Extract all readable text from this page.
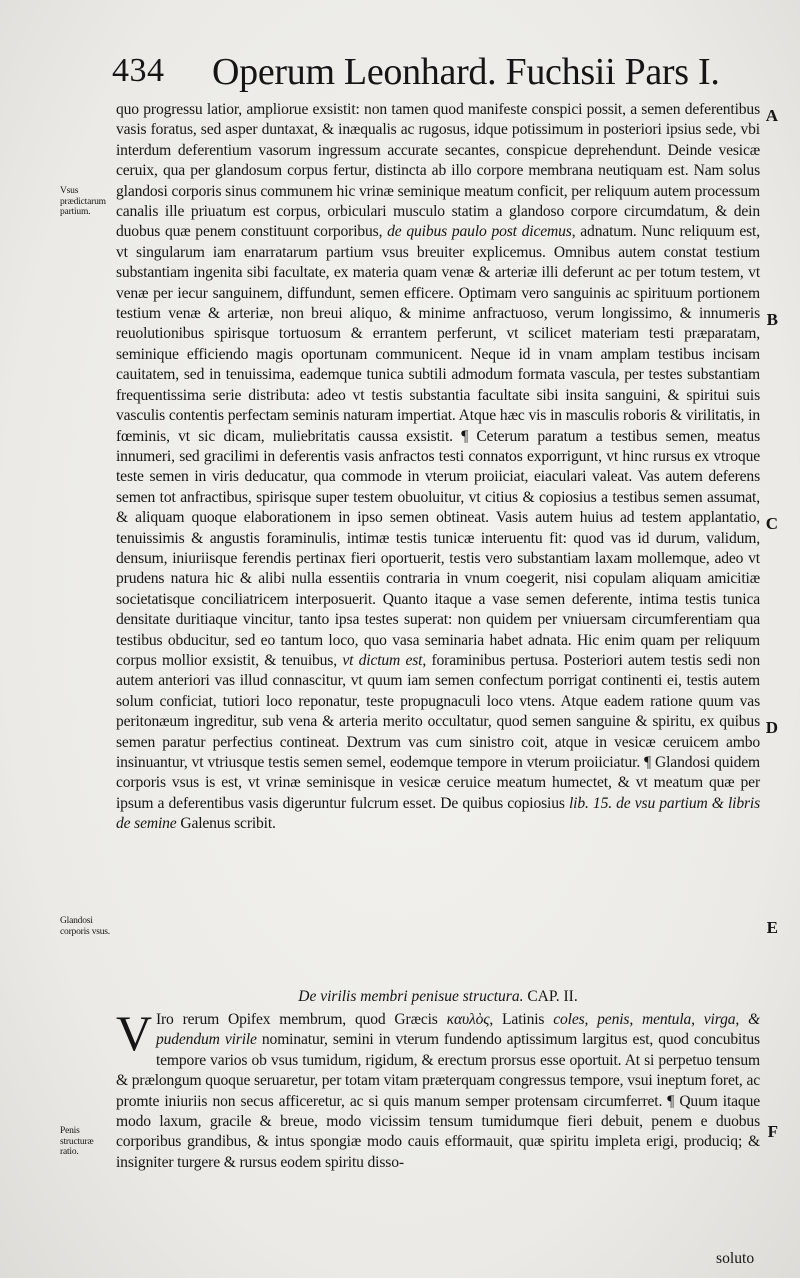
434 Operum Leonhard. Fuchsii Pars I.
Vsus prædictarum partium.
Glandosi corporis vsus.
Penis structuræ ratio.
A
B
C
D
E
F

quo progressu latior, ampliorue exsistit: non tamen quod manifeste conspici possit, a semen deferentibus vasis foratus, sed asper duntaxat, & inæqualis ac rugosus, idque potissimum in posteriori ipsius sede, vbi interdum deferentium vasorum ingressum accurate secantes, conspicue deprehendunt. Deinde vesicæ ceruix, qua per glandosum corpus fertur, distincta ab illo corpore membrana neutiquam est. Nam solus glandosi corporis sinus communem hic vrinæ seminique meatum conficit, per reliquum autem processum canalis ille priuatum est corpus, orbiculari musculo statim a glandoso corpore circumdatum, & dein duobus quæ penem constituunt corporibus, de quibus paulo post dicemus, adnatum. Nunc reliquum est, vt singularum iam enarratarum partium vsus breuiter explicemus. Omnibus autem constat testium substantiam ingenita sibi facultate, ex materia quam venæ & arteriæ illi deferunt ac per totum testem, vt venæ per iecur sanguinem, diffundunt, semen efficere. Optimam vero sanguinis ac spirituum portionem testium venæ & arteriæ, non breui aliquo, & minime anfractuoso, verum longissimo, & innumeris reuolutionibus spirisque tortuosum & errantem perferunt, vt scilicet materiam testi præparatam, seminique efficiendo magis oportunam communicent. Neque id in vnam amplam testibus incisam cauitatem, sed in tenuissima, eademque tunica subtili admodum formata vascula, per testes substantiam frequentissima serie distributa: adeo vt testis substantia facultate sibi insita sanguini, & spiritui suis vasculis contentis perfectam seminis naturam impertiat. Atque hæc vis in masculis roboris & virilitatis, in fœminis, vt sic dicam, muliebritatis caussa exsistit. ¶ Ceterum paratum a testibus semen, meatus innumeri, sed gracilimi in deferentis vasis anfractos testi connatos exporrigunt, vt hinc rursus ex vtroque teste semen in viris deducatur, qua commode in vterum proiiciat, eiaculari valeat. Vas autem deferens semen tot anfractibus, spirisque super testem obuoluitur, vt citius & copiosius a testibus semen assumat, & aliquam quoque elaborationem in ipso semen obtineat. Vasis autem huius ad testem applantatio, tenuissimis & angustis foraminulis, intimæ testis tunicæ interuentu fit: quod vas id durum, validum, densum, iniuriisque ferendis pertinax fieri oportuerit, testis vero substantiam laxam mollemque, adeo vt prudens natura hic & alibi nulla essentiis contraria in vnum coegerit, nisi copulam aliquam amicitiæ societatisque conciliatricem interposuerit. Quanto itaque a vase semen deferente, intima testis tunica densitate duritiaque vincitur, tanto ipsa testes superat: non quidem per vniuersam circumferentiam qua testibus obducitur, sed eo tantum loco, quo vasa seminaria habet adnata. Hic enim quam per reliquum corpus mollior exsistit, & tenuibus, vt dictum est, foraminibus pertusa. Posteriori autem testis sedi non autem anteriori vas illud connascitur, vt quum iam semen confectum porrigat continenti ei, testis autem solum conficiat, tutiori loco reponatur, teste propugnaculi loco vtens. Atque eadem ratione quum vas peritonæum ingreditur, sub vena & arteria merito occultatur, quod semen sanguine & spiritu, ex quibus semen paratur perfectius contineat. Dextrum vas cum sinistro coit, atque in vesicæ ceruicem ambo insinuantur, vt vtriusque testis semen semel, eodemque tempore in vterum proiiciatur. ¶ Glandosi quidem corporis vsus is est, vt vrinæ seminisque in vesicæ ceruice meatum humectet, & vt meatum quæ per ipsum a deferentibus vasis digeruntur fulcrum esset. De quibus copiosius lib. 15. de vsu partium & libris de semine Galenus scribit.

De virilis membri penisue structura. CAP. II.
V Iro rerum Opifex membrum, quod Græcis καυλὸς, Latinis coles, penis, mentula, virga, & pudendum virile nominatur, semini in vterum fundendo aptissimum largitus est, quod concubitus tempore varios ob vsus tumidum, rigidum, & erectum prorsus esse oportuit. At si perpetuo tensum & prælongum quoque seruaretur, per totam vitam præterquam congressus tempore, vsui ineptum foret, ac promte iniuriis non secus afficeretur, ac si quis manum semper protensam circumferret. ¶ Quum itaque modo laxum, gracile & breue, modo vicissim tensum tumidumque fieri debuit, penem e duobus corporibus grandibus, & intus spongiæ modo cauis efformauit, quæ spiritu impleta erigi, produciq; & insigniter turgere & rursus eodem spiritu disso-
soluto
